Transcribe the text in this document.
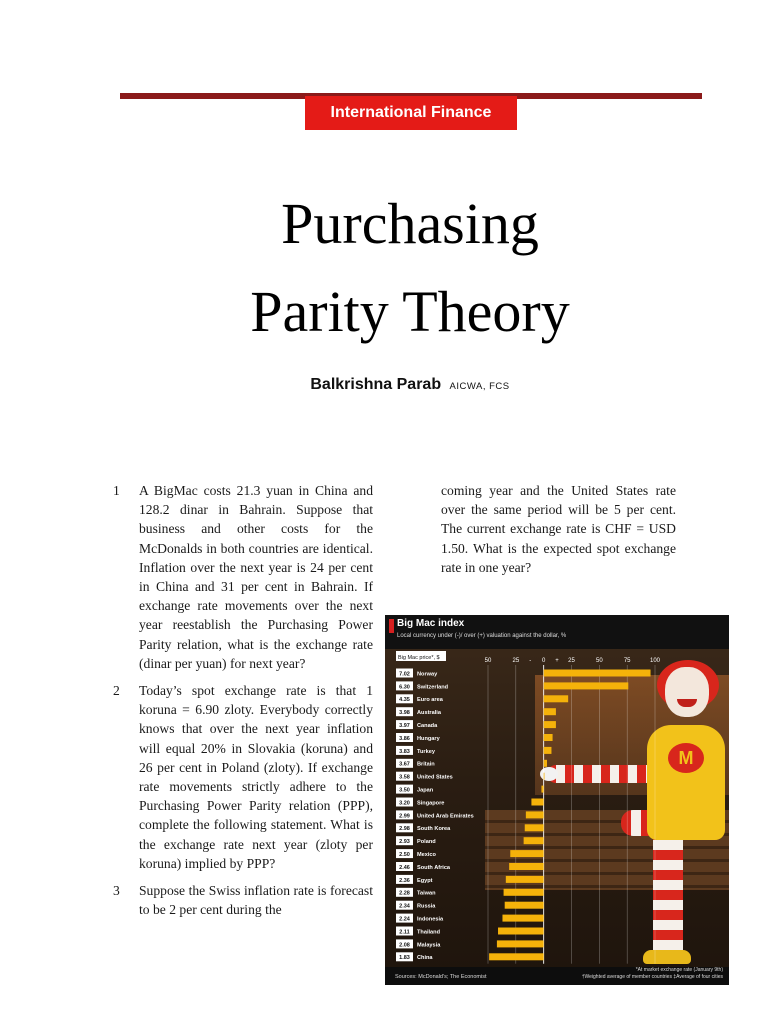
International Finance
Purchasing
Parity Theory
Balkrishna Parab AICWA, FCS
1	A BigMac costs 21.3 yuan in China and 128.2 dinar in Bahrain. Suppose that business and other costs for the McDonalds in both countries are identical. Inflation over the next year is 24 per cent in China and 31 per cent in Bahrain. If exchange rate movements over the next year reestablish the Purchasing Power Parity relation, what is the exchange rate (dinar per yuan) for next year?
2	Today’s spot exchange rate is that 1 koruna = 6.90 zloty. Everybody correctly knows that over the next year inflation will equal 20% in Slovakia (koruna) and 26 per cent in Poland (zloty). If exchange rate movements strictly adhere to the Purchasing Power Parity relation (PPP), complete the following statement. What is the exchange rate next year (zloty per koruna) implied by PPP?
3	Suppose the Swiss inflation rate is forecast to be 2 per cent during the
coming year and the United States rate over the same period will be 5 per cent. The current exchange rate is CHF = USD 1.50. What is the expected spot exchange rate in one year?
M
Big Mac index
Local currency under (-)/ over (+) valuation against the dollar, %
Big Mac price*, $	50	25 - 0 + 25	50	75	100
7.02 Norway
6.30 Switzerland
4.35 Euro area
3.98 Australia
3.97 Canada
3.86 Hungary
3.83 Turkey
3.67 Britain
3.58 United States
3.50 Japan
3.20 Singapore
2.99 United Arab Emirates
2.98 South Korea
2.93 Poland
2.50 Mexico
2.46 South Africa
2.36 Egypt
2.28 Taiwan
2.34 Russia
2.24 Indonesia
2.11 Thailand
2.08 Malaysia
1.83 China
Sources: McDonald’s; The Economist
*At market exchange rate (January 9th)
†Weighted average of member countries ‡Average of four cities
